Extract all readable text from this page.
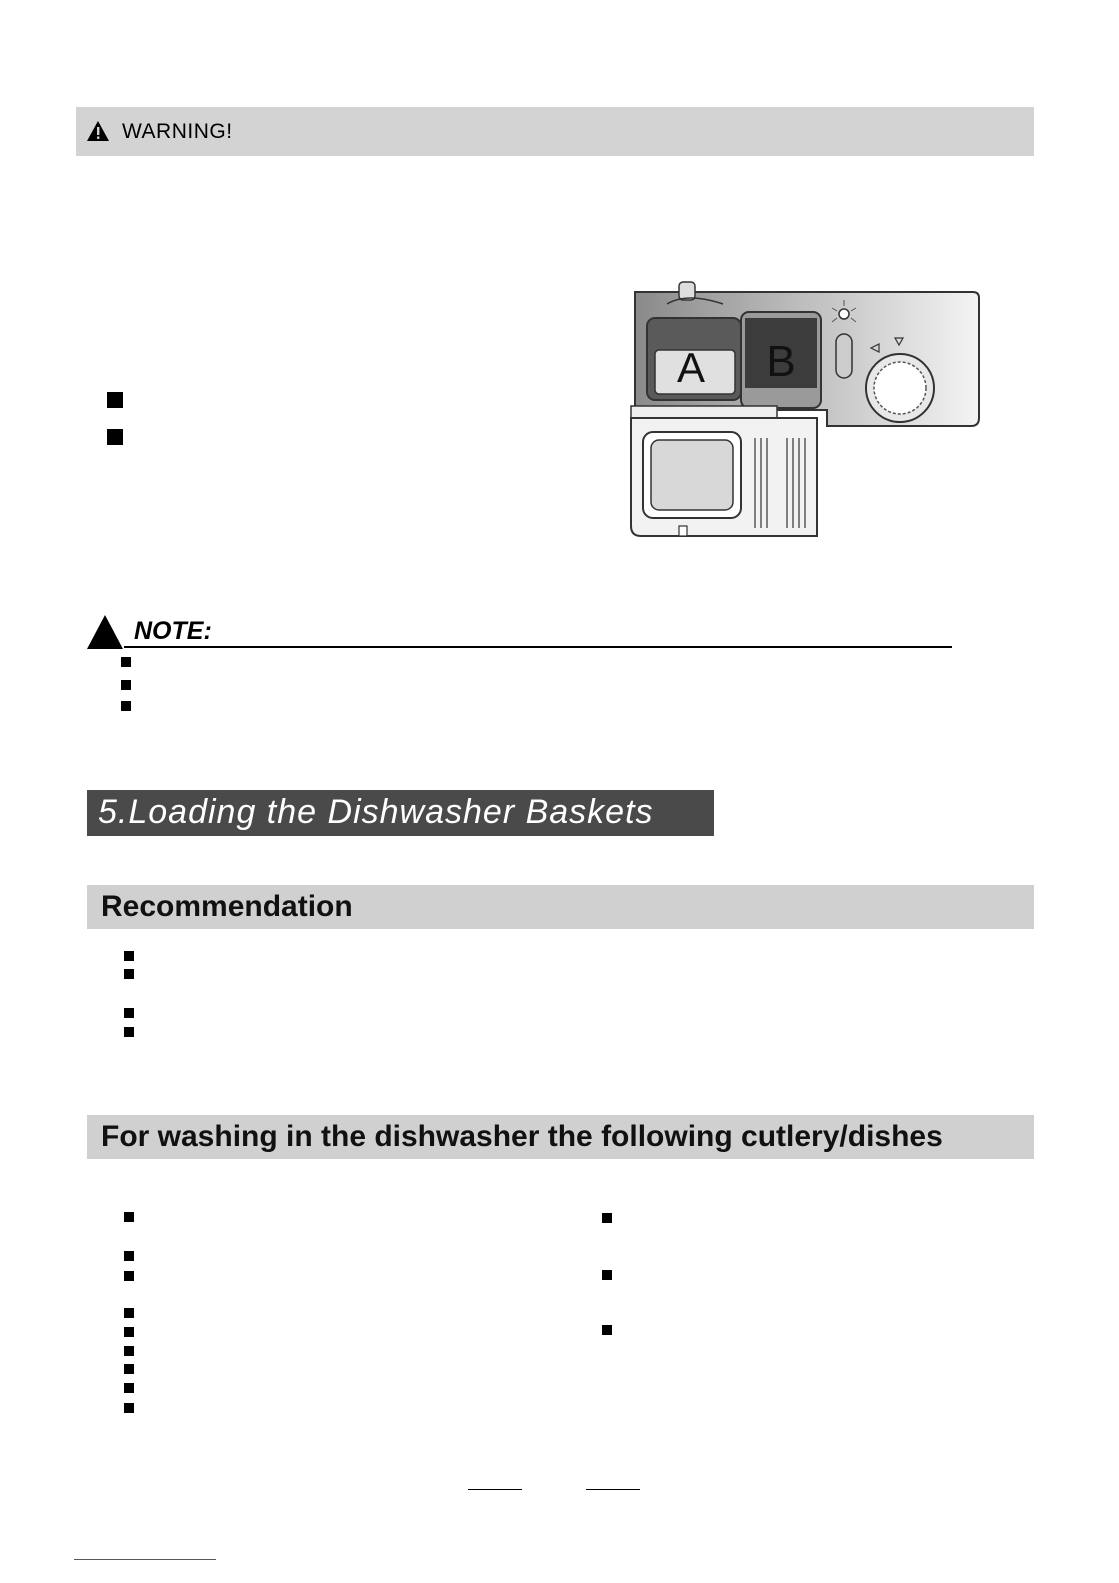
WARNING!
A B
NOTE:
5.Loading the Dishwasher Baskets
Recommendation
For washing in the dishwasher the following cutlery/dishes
